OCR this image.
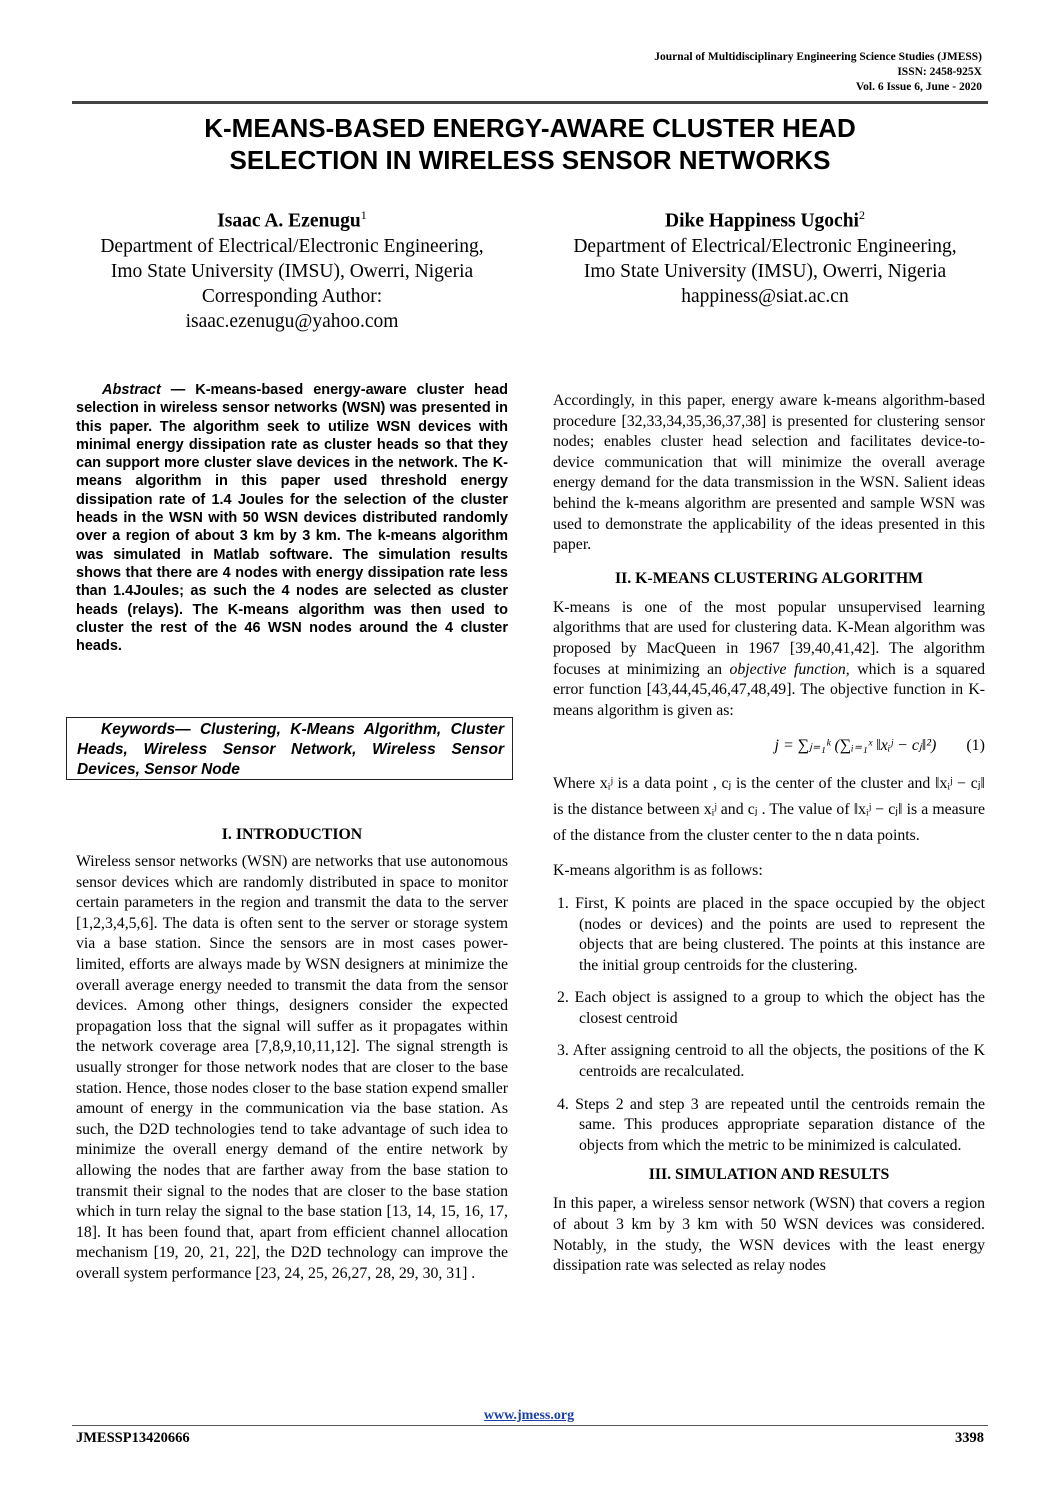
Journal of Multidisciplinary Engineering Science Studies (JMESS)
ISSN: 2458-925X
Vol. 6 Issue 6, June - 2020
K-MEANS-BASED ENERGY-AWARE CLUSTER HEAD
SELECTION IN WIRELESS SENSOR NETWORKS
Isaac A. Ezenugu$^1$
Department of Electrical/Electronic Engineering,
Imo State University (IMSU), Owerri, Nigeria
Corresponding Author:
isaac.ezenugu@yahoo.com
Dike Happiness Ugochi$^2$
Department of Electrical/Electronic Engineering,
Imo State University (IMSU), Owerri, Nigeria
happiness@siat.ac.cn

Abstract — K-means-based energy-aware cluster head selection in wireless sensor networks (WSN) was presented in this paper. The algorithm seek to utilize WSN devices with minimal energy dissipation rate as cluster heads so that they can support more cluster slave devices in the network. The K-means algorithm in this paper used threshold energy dissipation rate of 1.4 Joules for the selection of the cluster heads in the WSN with 50 WSN devices distributed randomly over a region of about 3 km by 3 km. The k-means algorithm was simulated in Matlab software. The simulation results shows that there are 4 nodes with energy dissipation rate less than 1.4Joules; as such the 4 nodes are selected as cluster heads (relays). The K-means algorithm was then used to cluster the rest of the 46 WSN nodes around the 4 cluster heads.

Keywords— Clustering, K-Means Algorithm, Cluster Heads, Wireless Sensor Network, Wireless Sensor Devices, Sensor Node

I. INTRODUCTION

Wireless sensor networks (WSN) are networks that use autonomous sensor devices which are randomly distributed in space to monitor certain parameters in the region and transmit the data to the server [1,2,3,4,5,6]. The data is often sent to the server or storage system via a base station. Since the sensors are in most cases power-limited, efforts are always made by WSN designers at minimize the overall average energy needed to transmit the data from the sensor devices. Among other things, designers consider the expected propagation loss that the signal will suffer as it propagates within the network coverage area [7,8,9,10,11,12]. The signal strength is usually stronger for those network nodes that are closer to the base station. Hence, those nodes closer to the base station expend smaller amount of energy in the communication via the base station. As such, the D2D technologies tend to take advantage of such idea to minimize the overall energy demand of the entire network by allowing the nodes that are farther away from the base station to transmit their signal to the nodes that are closer to the base station which in turn relay the signal to the base station [13, 14, 15, 16, 17, 18]. It has been found that, apart from efficient channel allocation mechanism [19, 20, 21, 22], the D2D technology can improve the overall system performance [23, 24, 25, 26,27, 28, 29, 30, 31] .

Accordingly, in this paper, energy aware k-means algorithm-based procedure [32,33,34,35,36,37,38] is presented for clustering sensor nodes; enables cluster head selection and facilitates device-to-device communication that will minimize the overall average energy demand for the data transmission in the WSN. Salient ideas behind the k-means algorithm are presented and sample WSN was used to demonstrate the applicability of the ideas presented in this paper.

II. K-MEANS CLUSTERING ALGORITHM

K-means is one of the most popular unsupervised learning algorithms that are used for clustering data. K-Mean algorithm was proposed by MacQueen in 1967 [39,40,41,42]. The algorithm focuses at minimizing an objective function, which is a squared error function [43,44,45,46,47,48,49]. The objective function in K-means algorithm is given as:

j = ∑ⱼ₌₁ᵏ (∑ᵢ₌₁ˣ ‖xᵢʲ − cⱼ‖²) (1)

Where xᵢʲ is a data point , cⱼ is the center of the cluster and ‖xᵢʲ − cⱼ‖ is the distance between xᵢʲ and cⱼ . The value of ‖xᵢʲ − cⱼ‖ is a measure of the distance from the cluster center to the n data points.

K-means algorithm is as follows:

1. First, K points are placed in the space occupied by the object (nodes or devices) and the points are used to represent the objects that are being clustered. The points at this instance are the initial group centroids for the clustering.
2. Each object is assigned to a group to which the object has the closest centroid
3. After assigning centroid to all the objects, the positions of the K centroids are recalculated.
4. Steps 2 and step 3 are repeated until the centroids remain the same. This produces appropriate separation distance of the objects from which the metric to be minimized is calculated.

III. SIMULATION AND RESULTS

In this paper, a wireless sensor network (WSN) that covers a region of about 3 km by 3 km with 50 WSN devices was considered. Notably, in the study, the WSN devices with the least energy dissipation rate was selected as relay nodes

www.jmess.org
JMESSP13420666	3398
